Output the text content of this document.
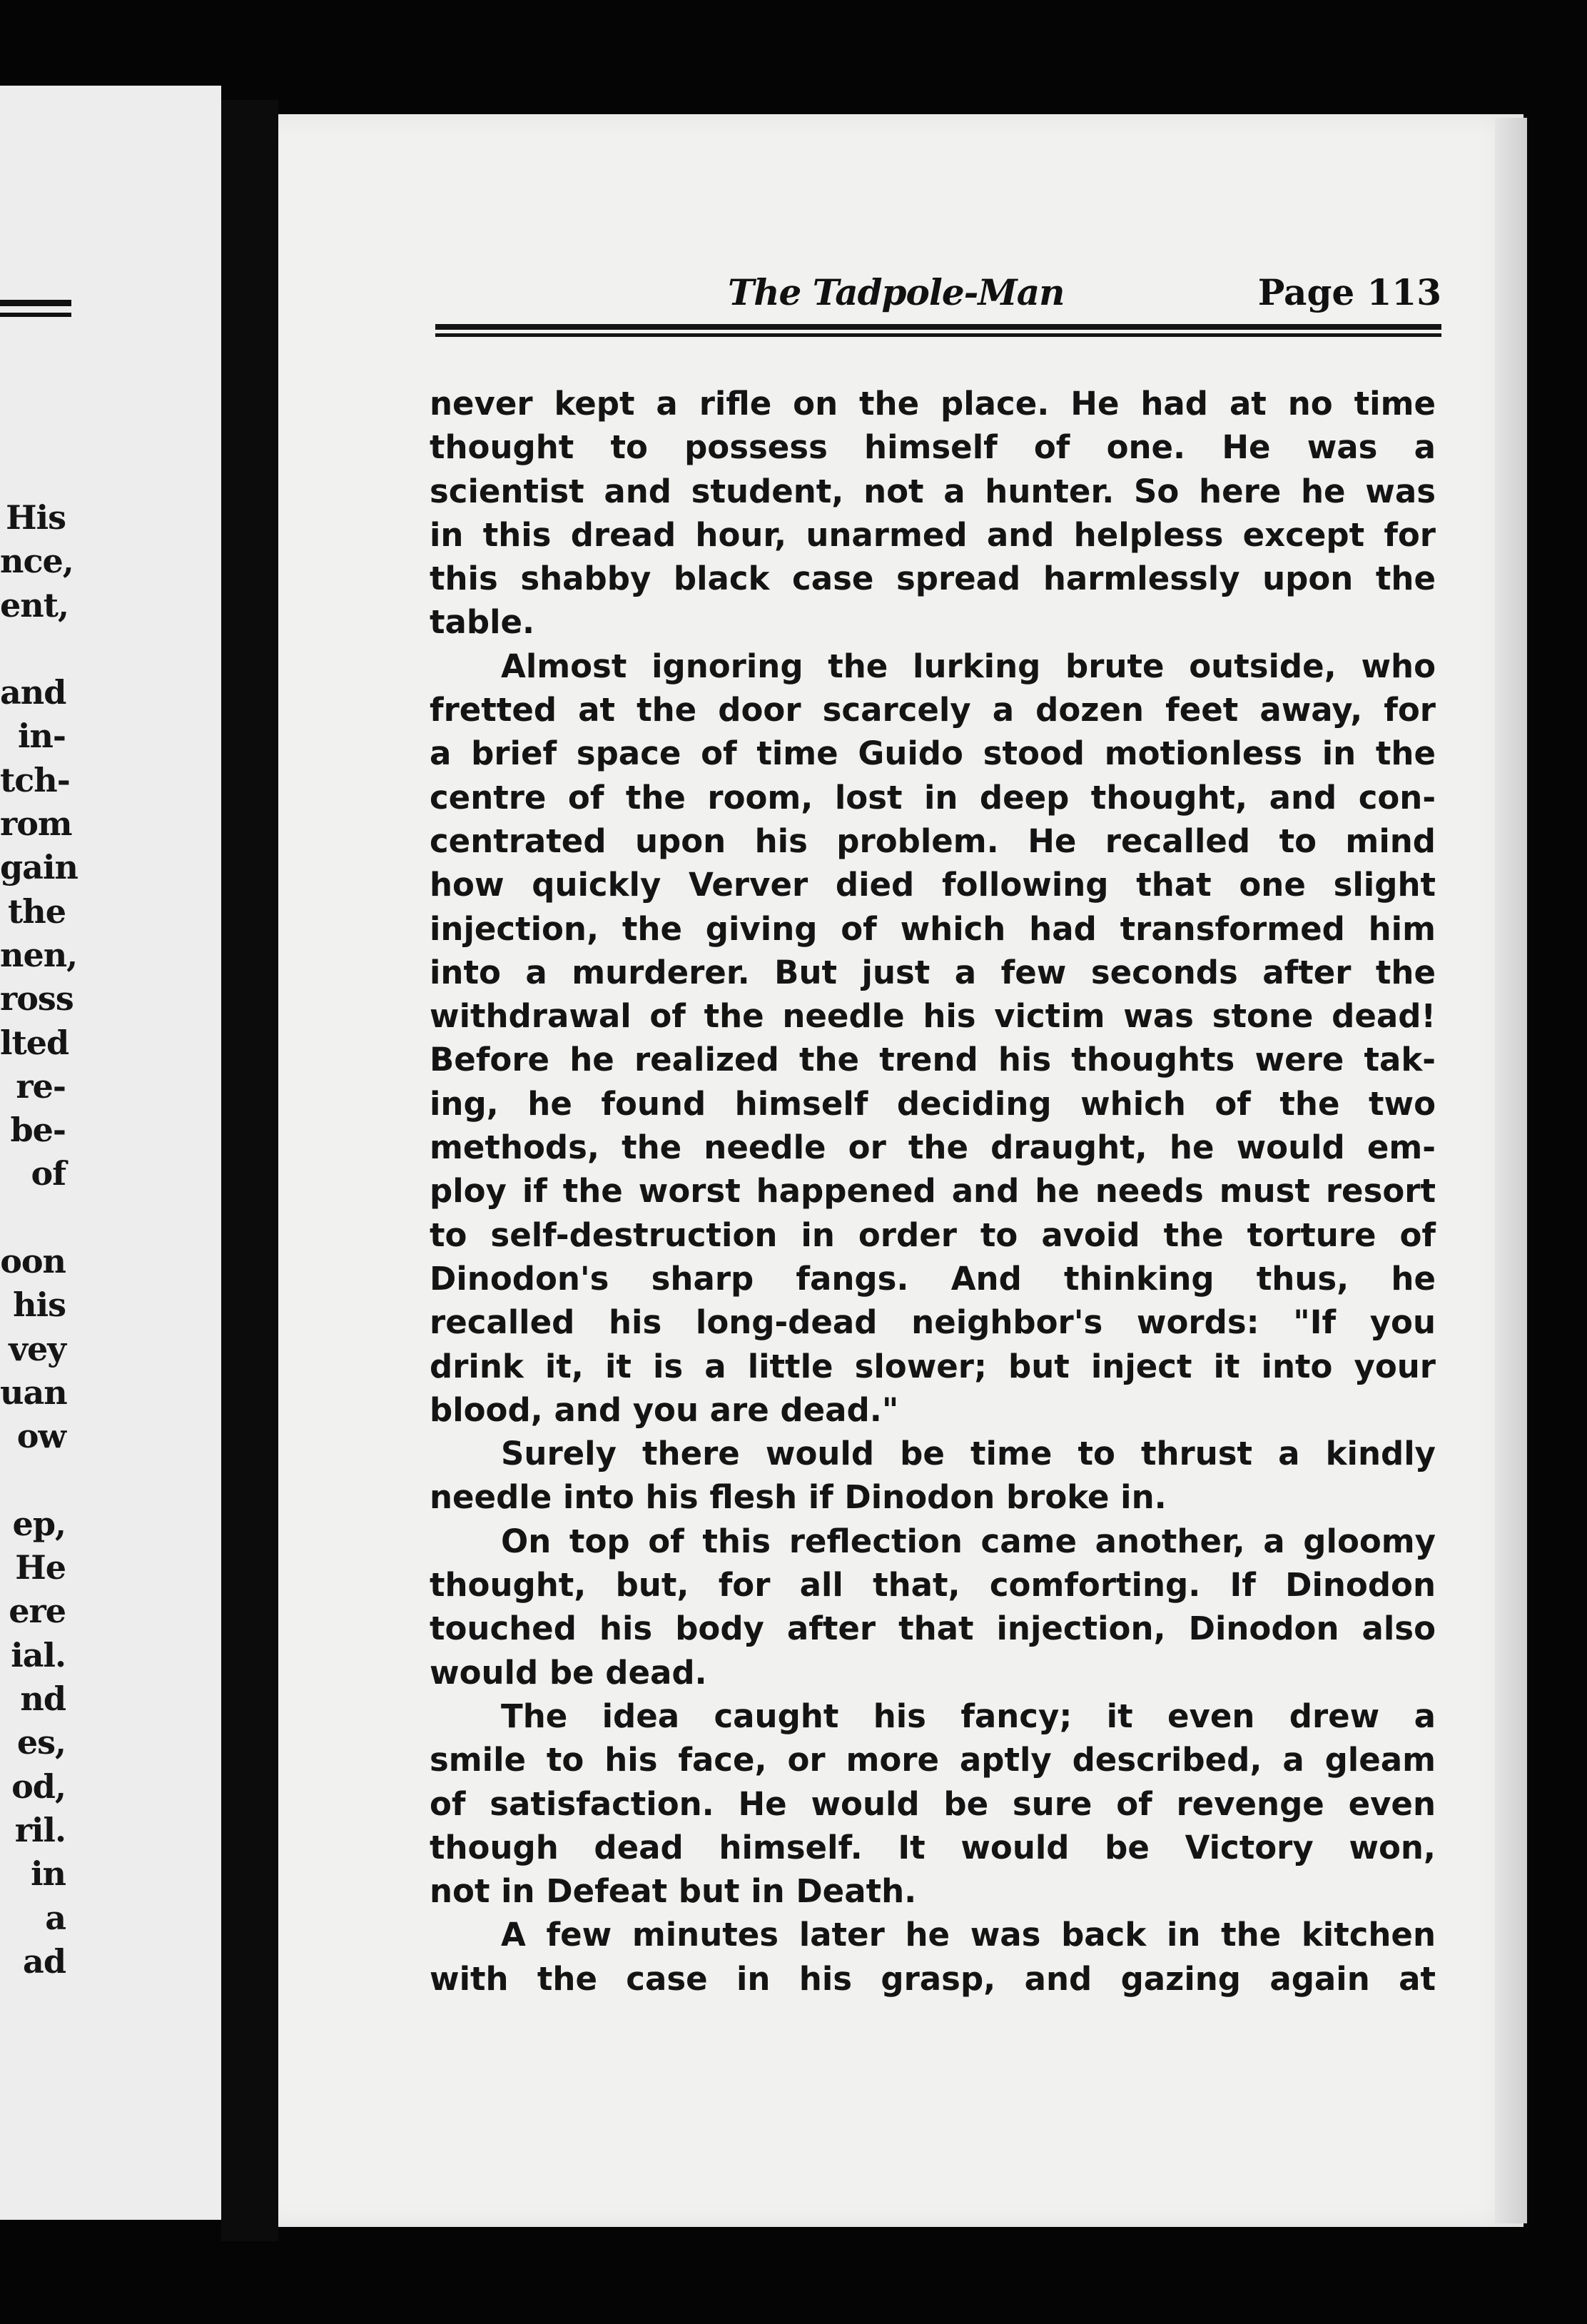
His
nce,
ent,
and
in-
tch-
rom
gain
the
nen,
ross
lted
re-
be-
of
oon
his
vey
uan
ow
ep,
He
ere
ial.
nd
es,
od,
ril.
in
a
ad
The Tadpole-Man	Page 113
never kept a rifle on the place. He had at no time
thought to possess himself of one. He was a
scientist and student, not a hunter. So here he was
in this dread hour, unarmed and helpless except for
this shabby black case spread harmlessly upon the
table.
Almost ignoring the lurking brute outside, who
fretted at the door scarcely a dozen feet away, for
a brief space of time Guido stood motionless in the
centre of the room, lost in deep thought, and con-
centrated upon his problem. He recalled to mind
how quickly Verver died following that one slight
injection, the giving of which had transformed him
into a murderer. But just a few seconds after the
withdrawal of the needle his victim was stone dead!
Before he realized the trend his thoughts were tak-
ing, he found himself deciding which of the two
methods, the needle or the draught, he would em-
ploy if the worst happened and he needs must resort
to self-destruction in order to avoid the torture of
Dinodon's sharp fangs. And thinking thus, he
recalled his long-dead neighbor's words: "If you
drink it, it is a little slower; but inject it into your
blood, and you are dead."
Surely there would be time to thrust a kindly
needle into his flesh if Dinodon broke in.
On top of this reflection came another, a gloomy
thought, but, for all that, comforting. If Dinodon
touched his body after that injection, Dinodon also
would be dead.
The idea caught his fancy; it even drew a
smile to his face, or more aptly described, a gleam
of satisfaction. He would be sure of revenge even
though dead himself. It would be Victory won,
not in Defeat but in Death.
A few minutes later he was back in the kitchen
with the case in his grasp, and gazing again at
